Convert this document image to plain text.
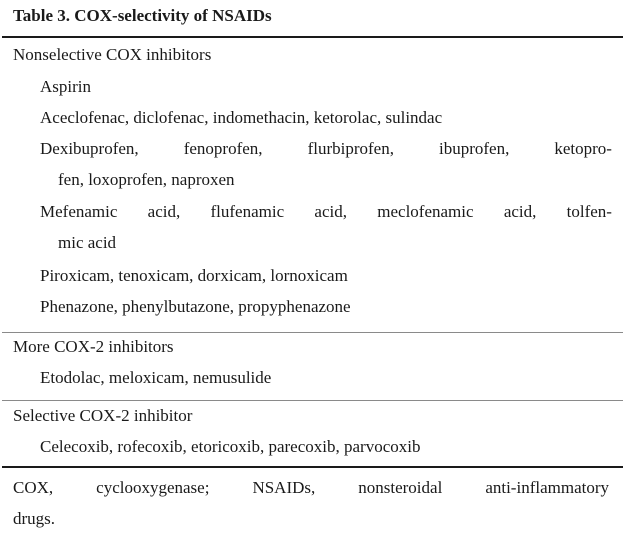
Table 3. COX-selectivity of NSAIDs
Nonselective COX inhibitors
Aspirin
Aceclofenac, diclofenac, indomethacin, ketorolac, sulindac
Dexibuprofen,	fenoprofen,	flurbiprofen,	ibuprofen,	ketopro-
fen, loxoprofen, naproxen
Mefenamic acid, flufenamic acid, meclofenamic acid, tolfen-
mic acid
Piroxicam, tenoxicam, dorxicam, lornoxicam
Phenazone, phenylbutazone, propyphenazone
More COX-2 inhibitors
Etodolac, meloxicam, nemusulide
Selective COX-2 inhibitor
Celecoxib, rofecoxib, etoricoxib, parecoxib, parvocoxib
COX,	cyclooxygenase;	NSAIDs,	nonsteroidal	anti-inflammatory
drugs.
